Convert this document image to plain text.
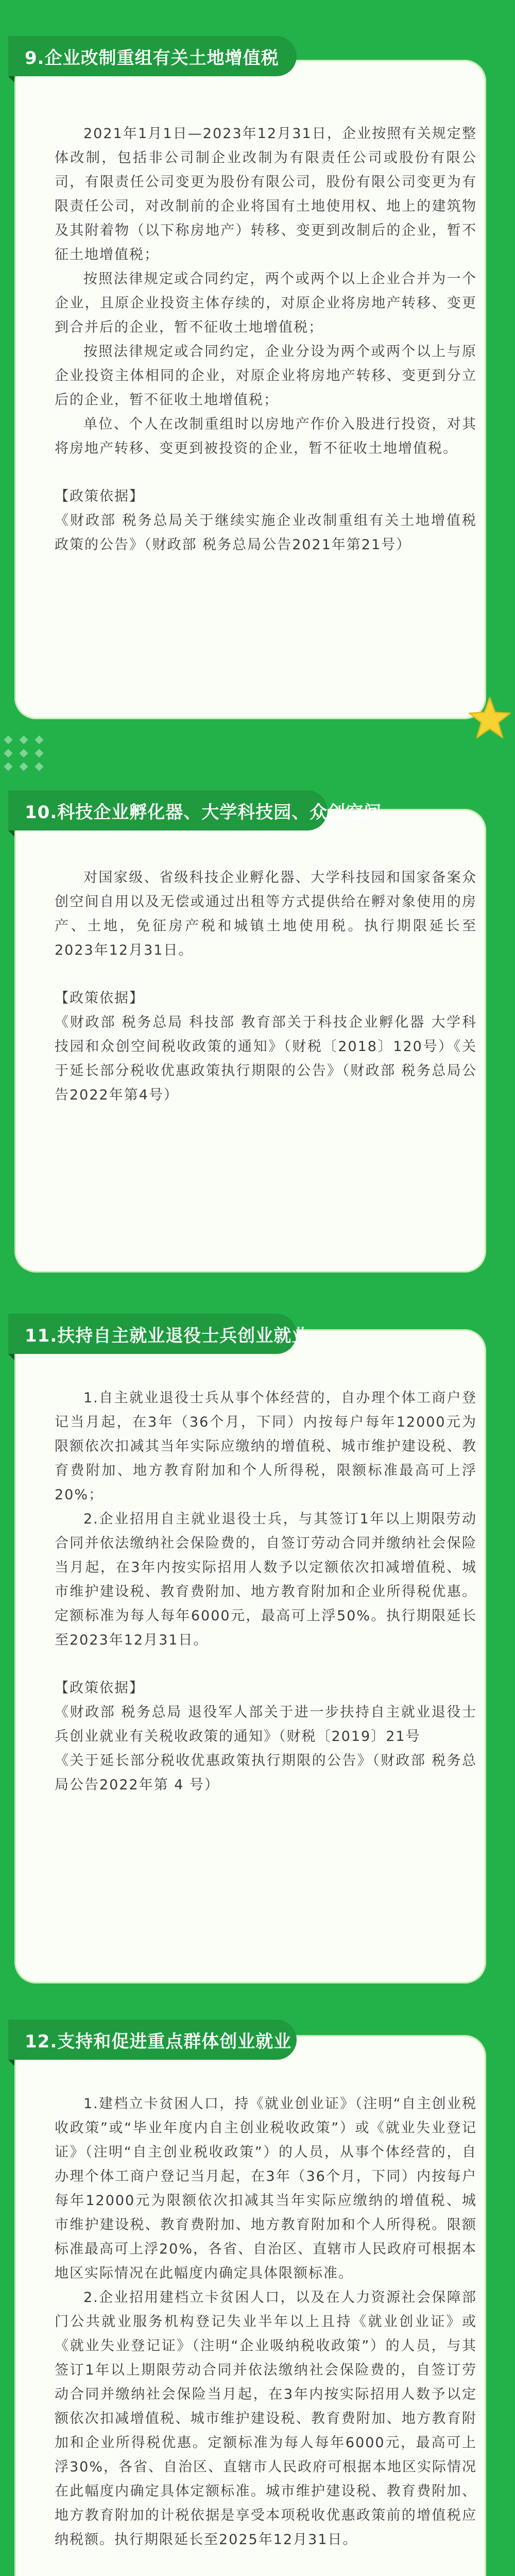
9.企业改制重组有关土地增值税

2021年1月1日—2023年12月31日，企业按照有关规定整体改制，包括非公司制企业改制为有限责任公司或股份有限公司，有限责任公司变更为股份有限公司，股份有限公司变更为有限责任公司，对改制前的企业将国有土地使用权、地上的建筑物及其附着物（以下称房地产）转移、变更到改制后的企业，暂不征土地增值税；

按照法律规定或合同约定，两个或两个以上企业合并为一个企业，且原企业投资主体存续的，对原企业将房地产转移、变更到合并后的企业，暂不征收土地增值税；

按照法律规定或合同约定，企业分设为两个或两个以上与原企业投资主体相同的企业，对原企业将房地产转移、变更到分立后的企业，暂不征收土地增值税；

单位、个人在改制重组时以房地产作价入股进行投资，对其将房地产转移、变更到被投资的企业，暂不征收土地增值税。

【政策依据】

《财政部 税务总局关于继续实施企业改制重组有关土地增值税政策的公告》（财政部 税务总局公告2021年第21号）

10.科技企业孵化器、大学科技园、众创空间

对国家级、省级科技企业孵化器、大学科技园和国家备案众创空间自用以及无偿或通过出租等方式提供给在孵对象使用的房产、土地，免征房产税和城镇土地使用税。执行期限延长至2023年12月31日。

【政策依据】

《财政部 税务总局 科技部 教育部关于科技企业孵化器 大学科技园和众创空间税收政策的通知》（财税〔2018〕120号）《关于延长部分税收优惠政策执行期限的公告》（财政部 税务总局公告2022年第4号）

11.扶持自主就业退役士兵创业就业

1.自主就业退役士兵从事个体经营的，自办理个体工商户登记当月起，在3年（36个月，下同）内按每户每年12000元为限额依次扣减其当年实际应缴纳的增值税、城市维护建设税、教育费附加、地方教育附加和个人所得税，限额标准最高可上浮20%；

2.企业招用自主就业退役士兵，与其签订1年以上期限劳动合同并依法缴纳社会保险费的，自签订劳动合同并缴纳社会保险当月起，在3年内按实际招用人数予以定额依次扣减增值税、城市维护建设税、教育费附加、地方教育附加和企业所得税优惠。定额标准为每人每年6000元，最高可上浮50%。执行期限延长至2023年12月31日。

【政策依据】

《财政部 税务总局 退役军人部关于进一步扶持自主就业退役士兵创业就业有关税收政策的通知》（财税〔2019〕21号
《关于延长部分税收优惠政策执行期限的公告》（财政部 税务总局公告2022年第 4 号）

12.支持和促进重点群体创业就业

1.建档立卡贫困人口，持《就业创业证》（注明“自主创业税收政策”或“毕业年度内自主创业税收政策”）或《就业失业登记证》（注明“自主创业税收政策”）的人员，从事个体经营的，自办理个体工商户登记当月起，在3年（36个月，下同）内按每户每年12000元为限额依次扣减其当年实际应缴纳的增值税、城市维护建设税、教育费附加、地方教育附加和个人所得税。限额标准最高可上浮20%，各省、自治区、直辖市人民政府可根据本地区实际情况在此幅度内确定具体限额标准。

2.企业招用建档立卡贫困人口，以及在人力资源社会保障部门公共就业服务机构登记失业半年以上且持《就业创业证》或《就业失业登记证》（注明“企业吸纳税收政策”）的人员，与其签订1年以上期限劳动合同并依法缴纳社会保险费的，自签订劳动合同并缴纳社会保险当月起，在3年内按实际招用人数予以定额依次扣减增值税、城市维护建设税、教育费附加、地方教育附加和企业所得税优惠。定额标准为每人每年6000元，最高可上浮30%，各省、自治区、直辖市人民政府可根据本地区实际情况在此幅度内确定具体定额标准。城市维护建设税、教育费附加、地方教育附加的计税依据是享受本项税收优惠政策前的增值税应纳税额。执行期限延长至2025年12月31日。
